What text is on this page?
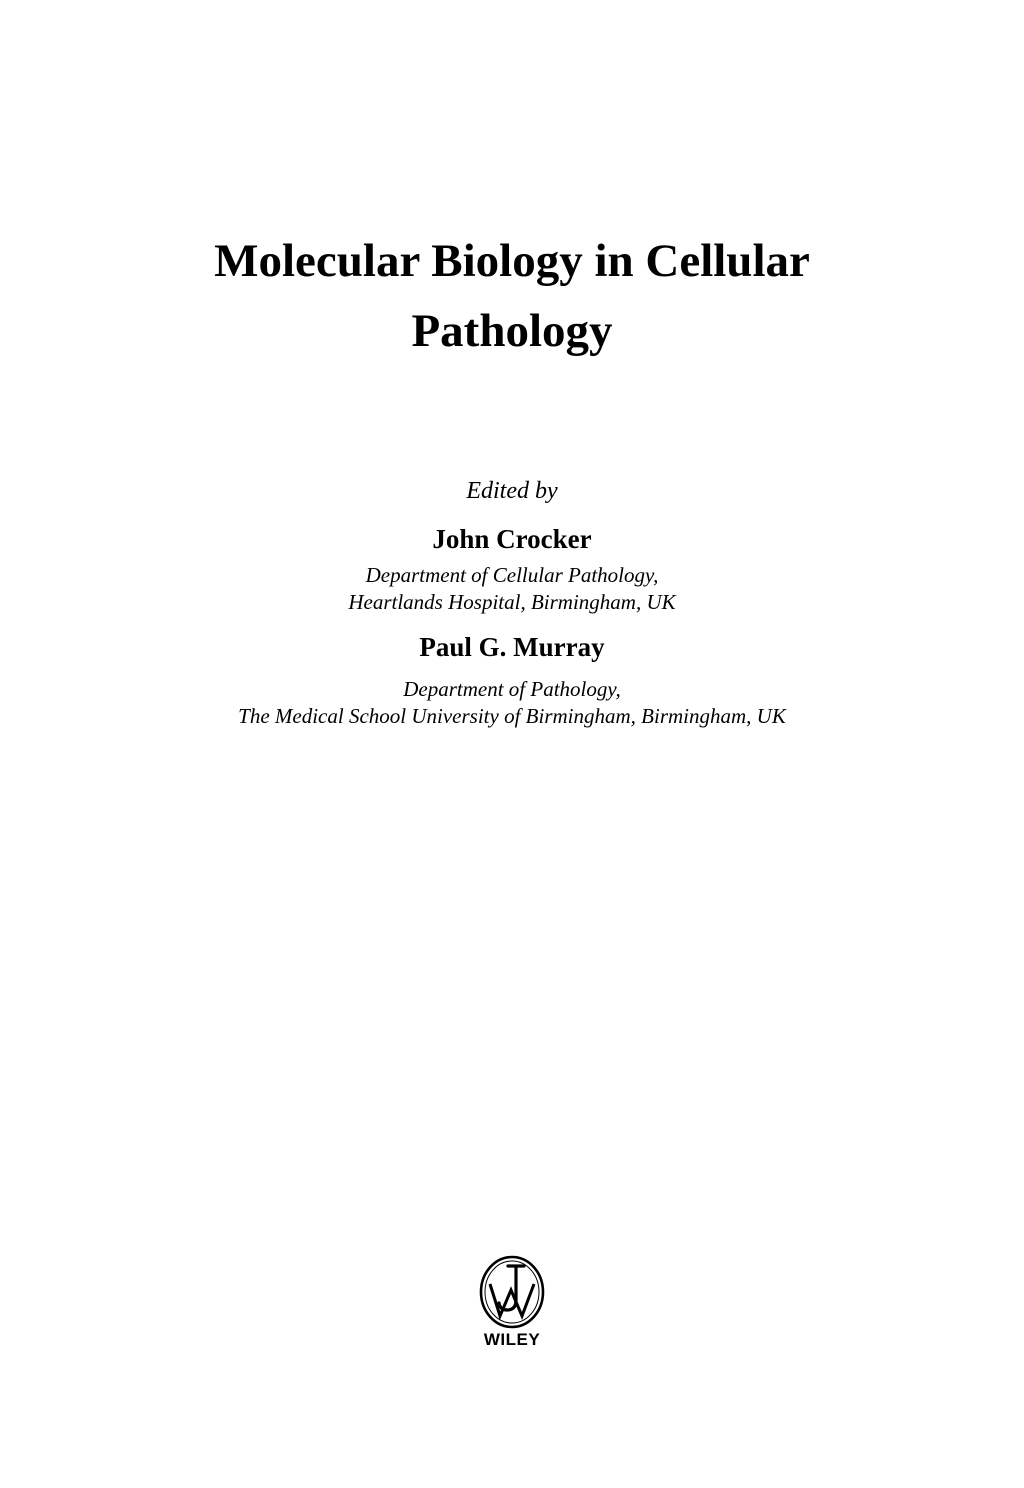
Molecular Biology in Cellular
Pathology

Edited by

John Crocker

Department of Cellular Pathology,

Heartlands Hospital, Birmingham, UK

Paul G. Murray

Department of Pathology,

The Medical School University of Birmingham, Birmingham, UK

WILEY
